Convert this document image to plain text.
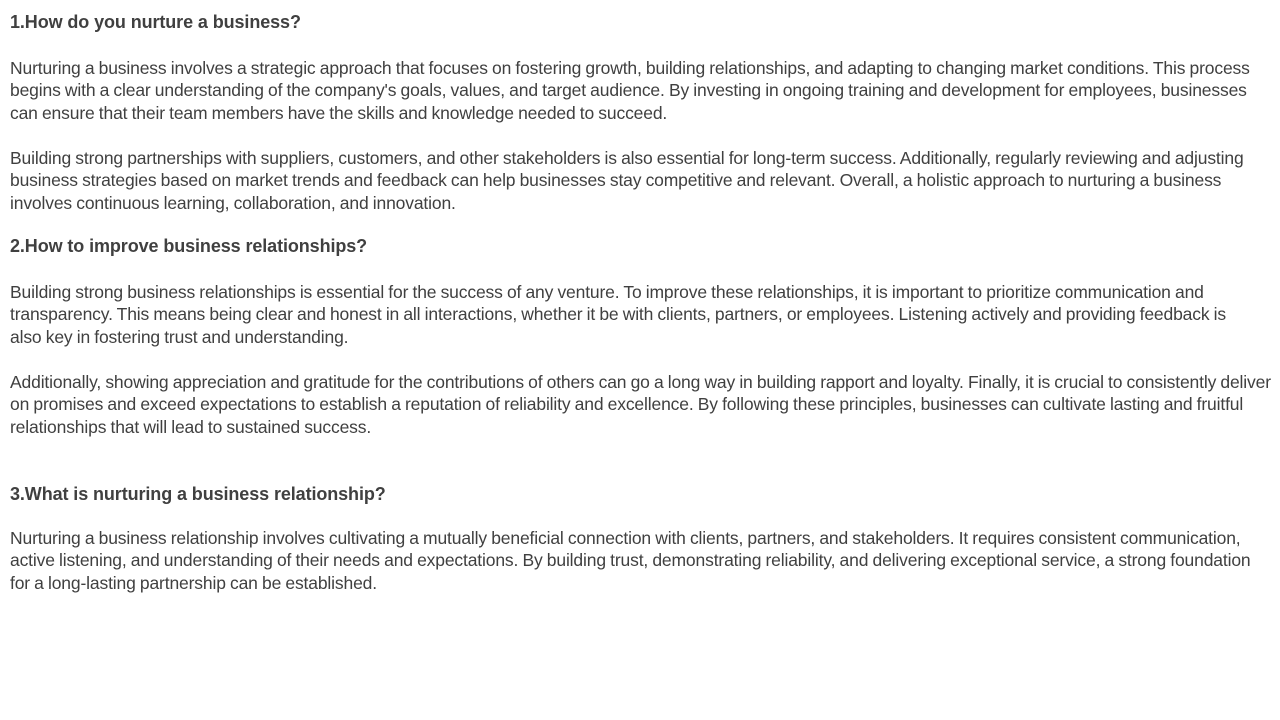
1.How do you nurture a business?

Nurturing a business involves a strategic approach that focuses on fostering growth, building relationships, and adapting to changing market conditions. This process begins with a clear understanding of the company's goals, values, and target audience. By investing in ongoing training and development for employees, businesses can ensure that their team members have the skills and knowledge needed to succeed.

Building strong partnerships with suppliers, customers, and other stakeholders is also essential for long-term success. Additionally, regularly reviewing and adjusting business strategies based on market trends and feedback can help businesses stay competitive and relevant. Overall, a holistic approach to nurturing a business involves continuous learning, collaboration, and innovation.

2.How to improve business relationships?

Building strong business relationships is essential for the success of any venture. To improve these relationships, it is important to prioritize communication and transparency. This means being clear and honest in all interactions, whether it be with clients, partners, or employees. Listening actively and providing feedback is also key in fostering trust and understanding.

Additionally, showing appreciation and gratitude for the contributions of others can go a long way in building rapport and loyalty. Finally, it is crucial to consistently deliver on promises and exceed expectations to establish a reputation of reliability and excellence. By following these principles, businesses can cultivate lasting and fruitful relationships that will lead to sustained success.

3.What is nurturing a business relationship?

Nurturing a business relationship involves cultivating a mutually beneficial connection with clients, partners, and stakeholders. It requires consistent communication, active listening, and understanding of their needs and expectations. By building trust, demonstrating reliability, and delivering exceptional service, a strong foundation for a long-lasting partnership can be established.
